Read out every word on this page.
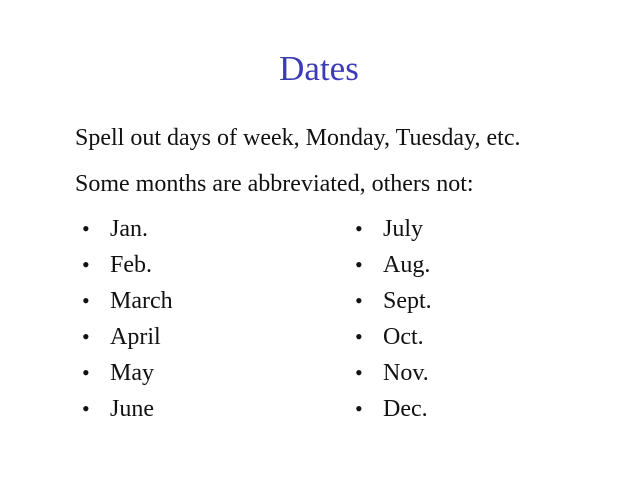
Dates
Spell out days of week, Monday, Tuesday, etc.
Some months are abbreviated, others not:
• Jan.
• Feb.
• March
• April
• May
• June
• July
• Aug.
• Sept.
• Oct.
• Nov.
• Dec.
